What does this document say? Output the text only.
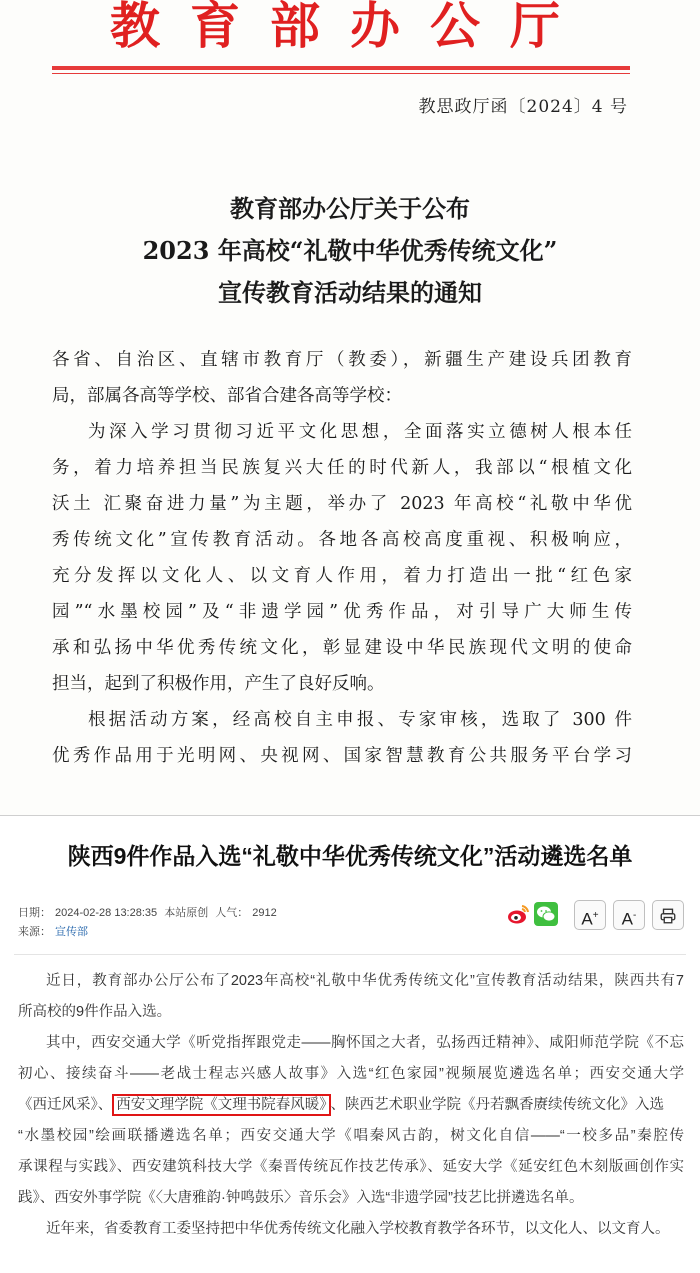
教育部办公厅
教思政厅函〔2024〕4 号
教育部办公厅关于公布
2023 年高校“礼敬中华优秀传统文化”
宣传教育活动结果的通知
各省、自治区、直辖市教育厅（教委），新疆生产建设兵团教育
局，部属各高等学校、部省合建各高等学校：
为深入学习贯彻习近平文化思想，全面落实立德树人根本任
务，着力培养担当民族复兴大任的时代新人，我部以“根植文化
沃土 汇聚奋进力量”为主题，举办了 2023 年高校“礼敬中华优
秀传统文化”宣传教育活动。各地各高校高度重视、积极响应，
充分发挥以文化人、以文育人作用，着力打造出一批“红色家
园”“水墨校园”及“非遗学园”优秀作品，对引导广大师生传
承和弘扬中华优秀传统文化，彰显建设中华民族现代文明的使命
担当，起到了积极作用，产生了良好反响。
根据活动方案，经高校自主申报、专家审核，选取了 300 件
优秀作品用于光明网、央视网、国家智慧教育公共服务平台学习
陕西9件作品入选“礼敬中华优秀传统文化”活动遴选名单
日期： 2024-02-28 13:28:35 本站原创 人气： 2912
来源： 宣传部
A+	A-
近日，教育部办公厅公布了2023年高校“礼敬中华优秀传统文化”宣传教育活动结果，陕西共有7
所高校的9件作品入选。
其中，西安交通大学《听党指挥跟党走——胸怀国之大者，弘扬西迁精神》、咸阳师范学院《不忘
初心、接续奋斗——老战士程志兴感人故事》入选“红色家园”视频展览遴选名单；西安交通大学
《西迁风采》、 西安文理学院《文理书院春风暖》 、陕西艺术职业学院《丹若飘香赓续传统文化》入选
“水墨校园”绘画联播遴选名单；西安交通大学《唱秦风古韵，树文化自信——“一校多品”秦腔传
承课程与实践》、西安建筑科技大学《秦晋传统瓦作技艺传承》、延安大学《延安红色木刻版画创作实
践》、西安外事学院《〈大唐雅韵·钟鸣鼓乐〉音乐会》入选“非遗学园”技艺比拼遴选名单。
近年来，省委教育工委坚持把中华优秀传统文化融入学校教育教学各环节，以文化人、以文育人。
